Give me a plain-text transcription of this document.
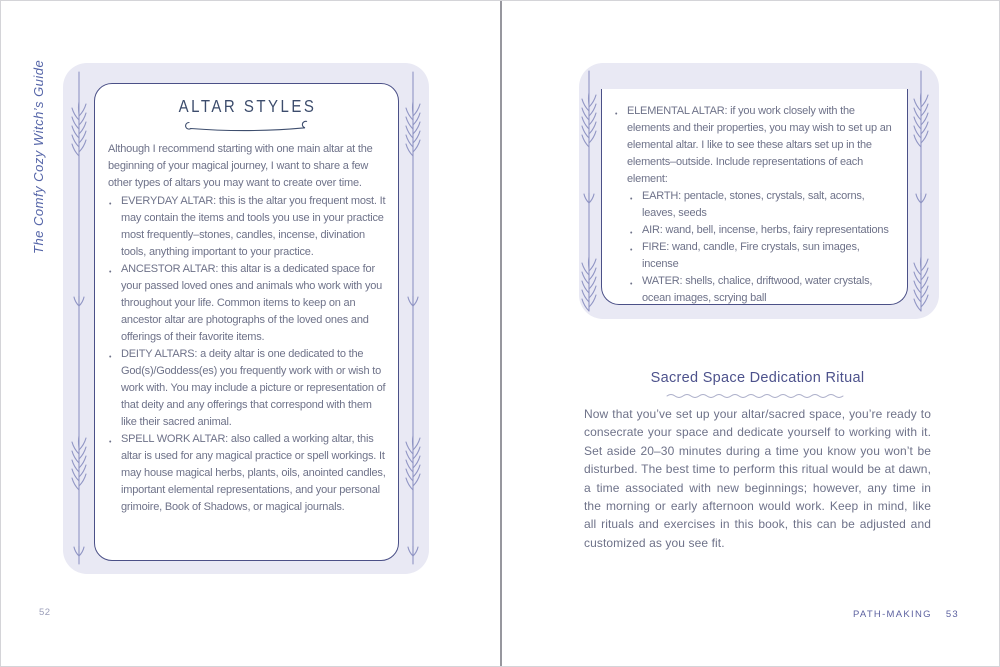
The Comfy Cozy Witch’s Guide	ALTAR STYLES

Although I recommend starting with one main altar at the beginning of your magical journey, I want to share a few other types of altars you may want to create over time.

• EVERYDAY ALTAR: this is the altar you frequent most. It may contain the items and tools you use in your practice most frequently–stones, candles, incense, divination tools, anything important to your practice.
• ANCESTOR ALTAR: this altar is a dedicated space for your passed loved ones and animals who work with you throughout your life. Common items to keep on an ancestor altar are photographs of the loved ones and offerings of their favorite items.
• DEITY ALTARS: a deity altar is one dedicated to the God(s)/Goddess(es) you frequently work with or wish to work with. You may include a picture or representation of that deity and any offerings that correspond with them like their sacred animal.
• SPELL WORK ALTAR: also called a working altar, this altar is used for any magical practice or spell workings. It may house magical herbs, plants, oils, anointed candles, important elemental representations, and your personal grimoire, Book of Shadows, or magical journals.
52
• ELEMENTAL ALTAR: if you work closely with the elements and their properties, you may wish to set up an elemental altar. I like to see these altars set up in the elements–outside. Include representations of each element:
• EARTH: pentacle, stones, crystals, salt, acorns, leaves, seeds
• AIR: wand, bell, incense, herbs, fairy representations
• FIRE: wand, candle, Fire crystals, sun images, incense
• WATER: shells, chalice, driftwood, water crystals, ocean images, scrying ball
Sacred Space Dedication Ritual

Now that you’ve set up your altar/sacred space, you’re ready to consecrate your space and dedicate yourself to working with it. Set aside 20–30 minutes during a time you know you won’t be disturbed. The best time to perform this ritual would be at dawn, a time associated with new beginnings; however, any time in the morning or early afternoon would work. Keep in mind, like all rituals and exercises in this book, this can be adjusted and customized as you see fit.

PATH-MAKING 53
